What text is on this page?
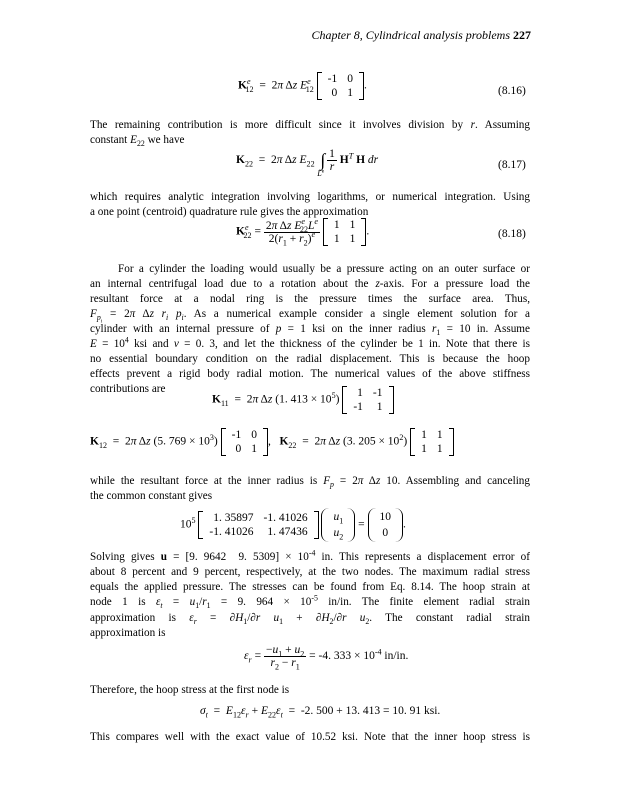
Chapter 8, Cylindrical analysis problems 227
$K^e_{12} = 2\pi$ Δz $E^e_{12}$
-1	0
0	1
.	(8.16)
The remaining contribution is more difficult since it involves division by r. Assuming
constant $E_{22}$ we have
$K_{22} = 2\pi$ Δz $E_{22}$ $\int_{L^e} \frac{1}{r} H^T$ H dr	(8.17)
which requires analytic integration involving logarithms, or numerical integration. Using
a one point (centroid) quadrature rule gives the approximation
$K^e_{22} = \frac{2\pi \Delta z E^e_{22}L^e}{2(r_1 + r_2)^e}$
1	1
1	1
.	(8.18)
For a cylinder the loading would usually be a pressure acting on an outer surface or
an internal centrifugal load due to a rotation about the z-axis. For a pressure load the
resultant force at a nodal ring is the pressure times the surface area. Thus,
$F_{p_i} = 2\pi$ Δz $r_i$ $p_i$. As a numerical example consider a single element solution for a
cylinder with an internal pressure of p = 1 ksi on the inner radius $r_1 = 10$ in. Assume
$E = 10^4$ ksi and ν = 0. 3, and let the thickness of the cylinder be 1 in. Note that there is
no essential boundary condition on the radial displacement. This is because the hoop
effects prevent a rigid body radial motion. The numerical values of the above stiffness
contributions are
$K_{11} = 2\pi$ Δz (1. $413 \times 10^5$)
1	-1
-1	1
$K_{12} = 2\pi$ Δz (5. $769 \times 10^3$)
-1	0
0	1
,   $K_{22} = 2\pi$ Δz (3. $205 \times 10^2$)
1	1
1	1
while the resultant force at the inner radius is $F_p = 2\pi$ Δz 10. Assembling and canceling
the common constant gives
$10^5$ 1. 35897	-1. 41026
-1. 41026	1. 47436

$u_1$
$u_2$
=
10
0
.
Solving gives u = [9. 9642  9. $5309] \times 10^{-4}$ in. This represents a displacement error of
about 8 percent and 9 percent, respectively, at the two nodes. The maximum radial stress
equals the applied pressure. The stresses can be found from Eq. 8.14. The hoop strain at
node 1 is $\varepsilon_t = u_1/r_1 = 9$. $964 \times 10^{-5}$ in/in. The finite element radial strain
approximation is $\varepsilon_r = \partial H_1/\partial r$ $u_1 + \partial H_2/\partial r$ $u_2$. The constant radial strain
approximation is
$\varepsilon_r = \frac{-u_1 + u_2}{r_2 - r_1} = -4$. $333 \times 10^{-4}$ in/in.
Therefore, the hoop stress at the first node is
$\sigma_t = E_{12}\varepsilon_r + E_{22}\varepsilon_t = -2$. 500 + 13. 413 = 10. 91 ksi.
This compares well with the exact value of 10.52 ksi. Note that the inner hoop stress is
